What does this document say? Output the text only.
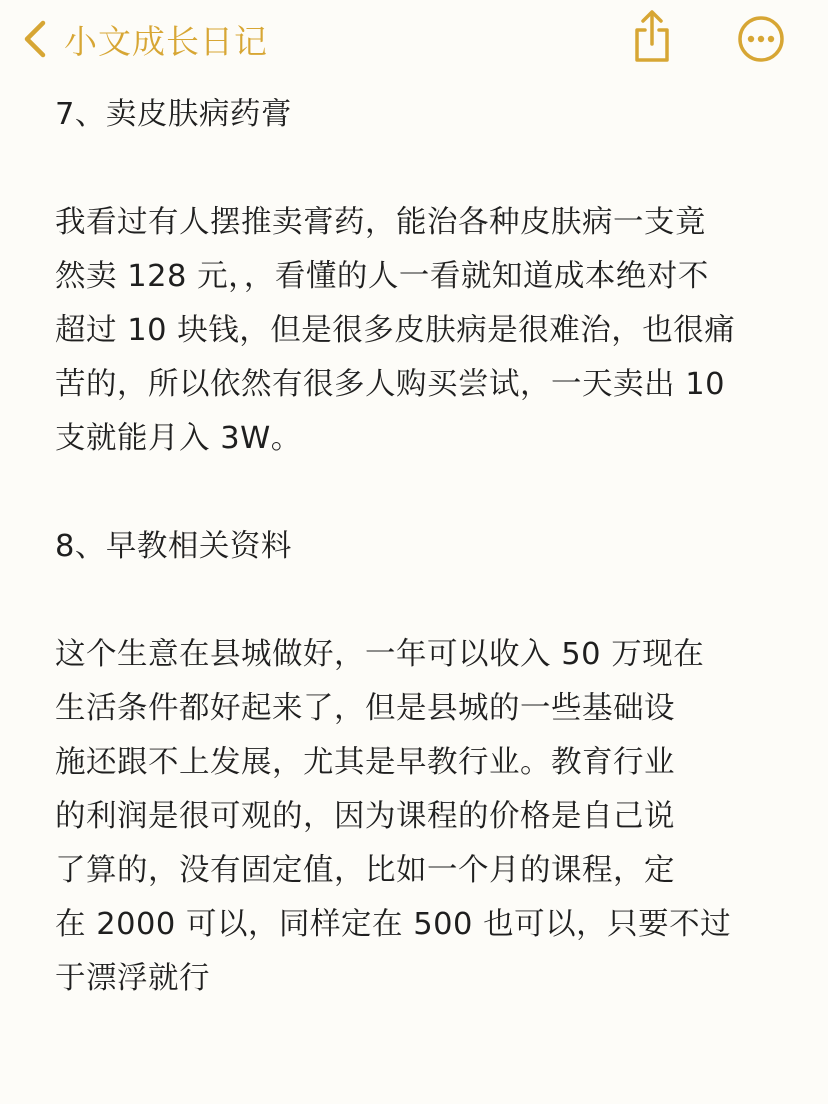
小文成长日记
7、卖皮肤病药膏
我看过有人摆推卖膏药，能治各种皮肤病一支竟
然卖 128 元，，看懂的人一看就知道成本绝对不
超过 10 块钱，但是很多皮肤病是很难治，也很痛
苦的，所以依然有很多人购买尝试，一天卖出 10
支就能月入 3W。
8、早教相关资料
这个生意在县城做好，一年可以收入 50 万现在
生活条件都好起来了，但是县城的一些基础设
施还跟不上发展，尤其是早教行业。教育行业
的利润是很可观的，因为课程的价格是自己说
了算的，没有固定值，比如一个月的课程，定
在 2000 可以，同样定在 500 也可以，只要不过
于漂浮就行
